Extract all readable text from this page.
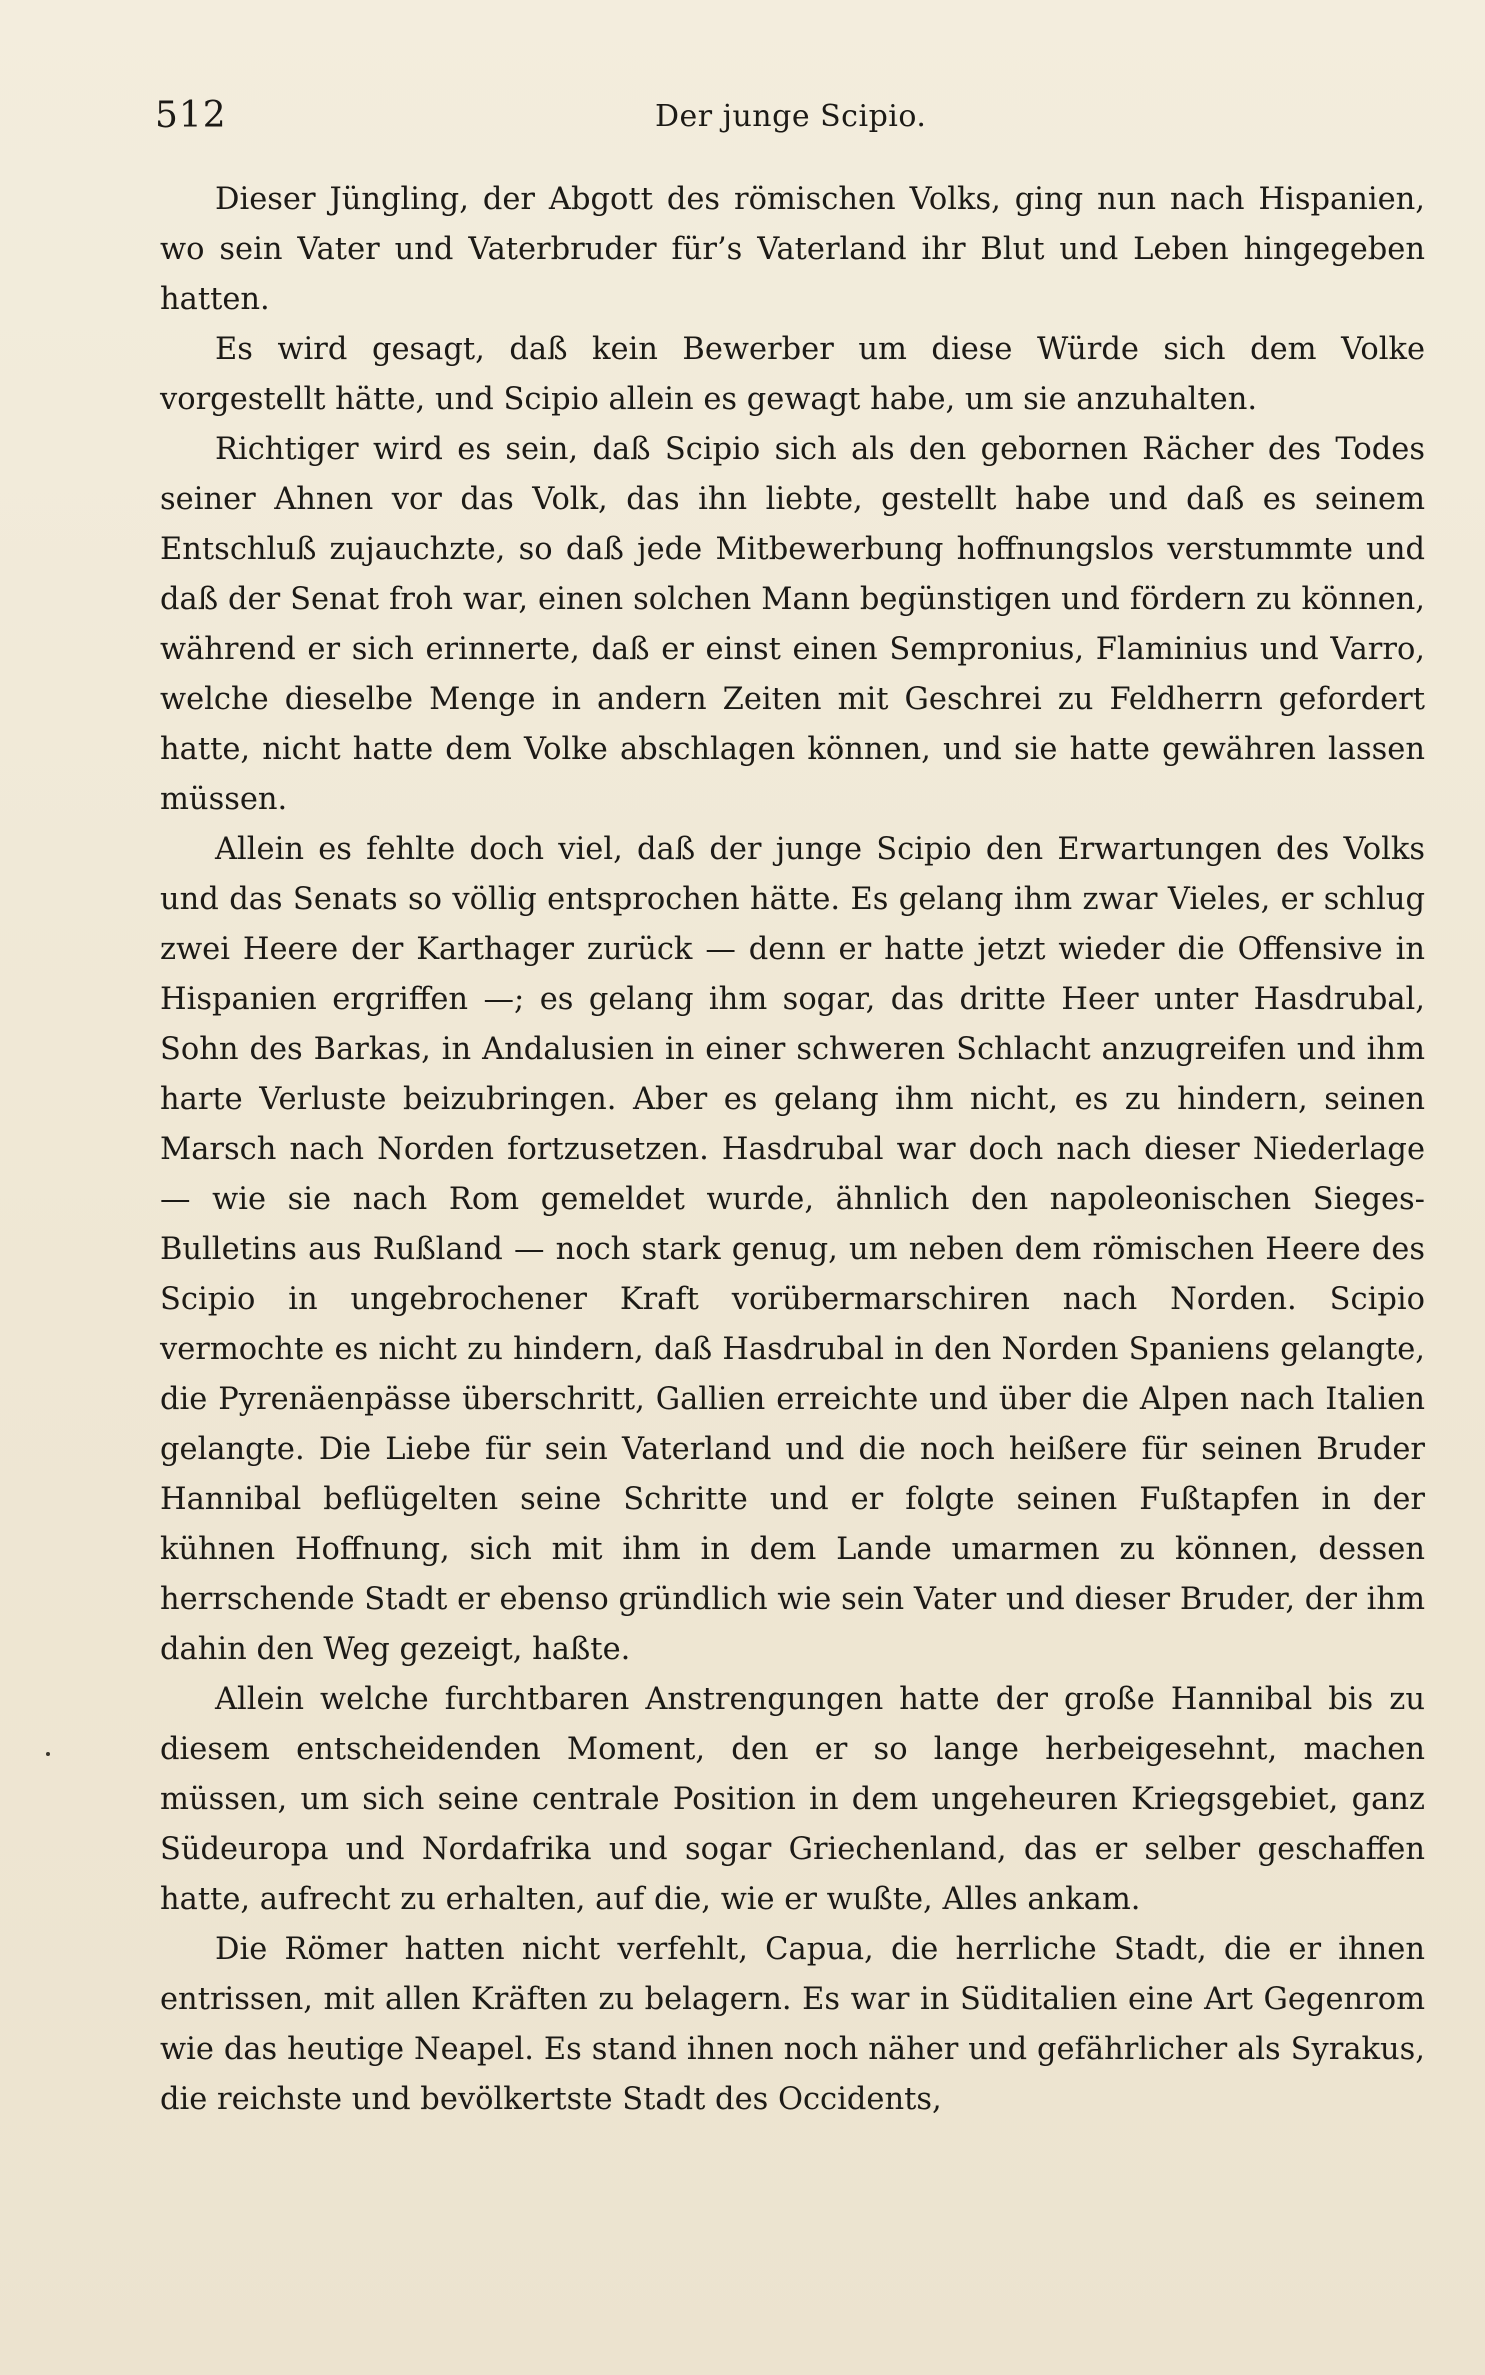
512	Der junge Scipio.

Dieser Jüngling, der Abgott des römischen Volks, ging nun nach Hispanien, wo sein Vater und Vaterbruder für’s Vaterland ihr Blut und Leben hingegeben hatten.

Es wird gesagt, daß kein Bewerber um diese Würde sich dem Volke vorgestellt hätte, und Scipio allein es gewagt habe, um sie anzuhalten.

Richtiger wird es sein, daß Scipio sich als den gebornen Rächer des Todes seiner Ahnen vor das Volk, das ihn liebte, gestellt habe und daß es seinem Entschluß zujauchzte, so daß jede Mitbewerbung hoffnungslos verstummte und daß der Senat froh war, einen solchen Mann begünstigen und fördern zu können, während er sich erinnerte, daß er einst einen Sempronius, Flaminius und Varro, welche dieselbe Menge in andern Zeiten mit Geschrei zu Feldherrn gefordert hatte, nicht hatte dem Volke abschlagen können, und sie hatte gewähren lassen müssen.

Allein es fehlte doch viel, daß der junge Scipio den Erwartungen des Volks und das Senats so völlig entsprochen hätte. Es gelang ihm zwar Vieles, er schlug zwei Heere der Karthager zurück — denn er hatte jetzt wieder die Offensive in Hispanien ergriffen —; es gelang ihm sogar, das dritte Heer unter Hasdrubal, Sohn des Barkas, in Andalusien in einer schweren Schlacht anzugreifen und ihm harte Verluste beizubringen. Aber es gelang ihm nicht, es zu hindern, seinen Marsch nach Norden fortzusetzen. Hasdrubal war doch nach dieser Niederlage — wie sie nach Rom gemeldet wurde, ähnlich den napoleonischen Sieges-Bulletins aus Rußland — noch stark genug, um neben dem römischen Heere des Scipio in ungebrochener Kraft vorübermarschiren nach Norden. Scipio vermochte es nicht zu hindern, daß Hasdrubal in den Norden Spaniens gelangte, die Pyrenäenpässe überschritt, Gallien erreichte und über die Alpen nach Italien gelangte. Die Liebe für sein Vaterland und die noch heißere für seinen Bruder Hannibal beflügelten seine Schritte und er folgte seinen Fußtapfen in der kühnen Hoffnung, sich mit ihm in dem Lande umarmen zu können, dessen herrschende Stadt er ebenso gründlich wie sein Vater und dieser Bruder, der ihm dahin den Weg gezeigt, haßte.

Allein welche furchtbaren Anstrengungen hatte der große Hannibal bis zu diesem entscheidenden Moment, den er so lange herbeigesehnt, machen müssen, um sich seine centrale Position in dem ungeheuren Kriegsgebiet, ganz Südeuropa und Nordafrika und sogar Griechenland, das er selber geschaffen hatte, aufrecht zu erhalten, auf die, wie er wußte, Alles ankam.

Die Römer hatten nicht verfehlt, Capua, die herrliche Stadt, die er ihnen entrissen, mit allen Kräften zu belagern. Es war in Süditalien eine Art Gegenrom wie das heutige Neapel. Es stand ihnen noch näher und gefährlicher als Syrakus, die reichste und bevölkertste Stadt des Occidents,
